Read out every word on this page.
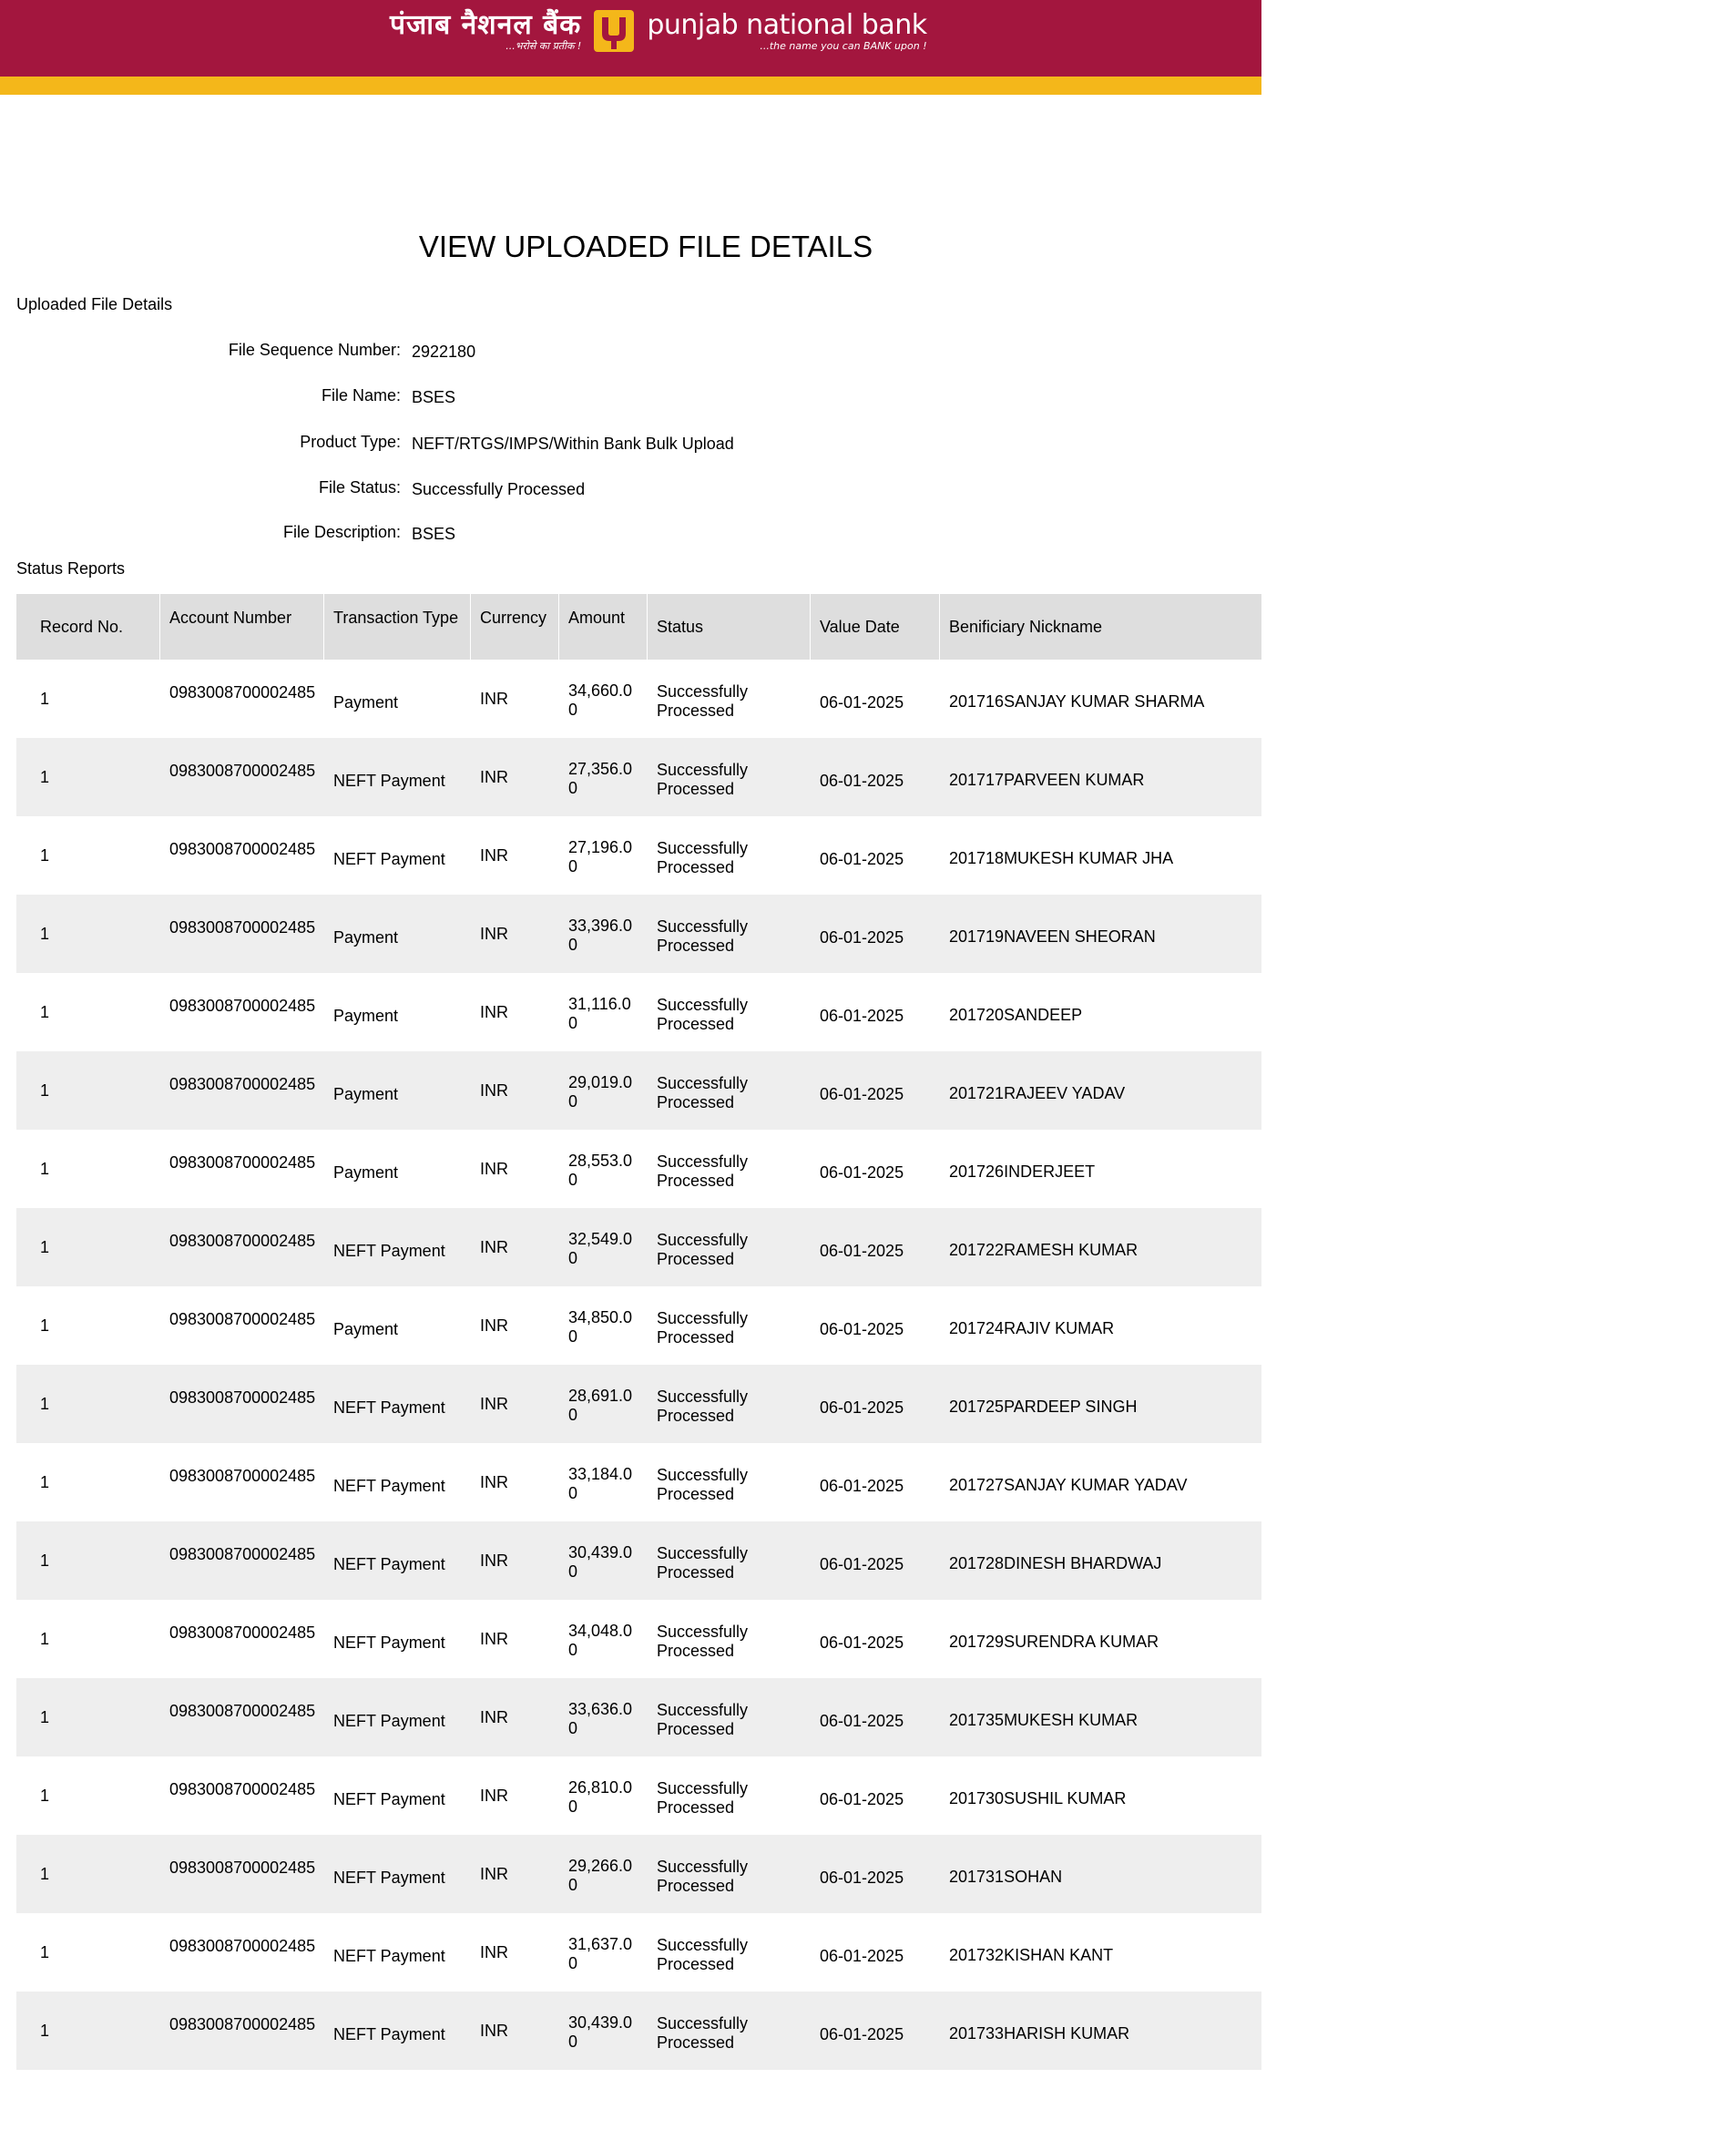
पंजाब नैशनल बैंक
...भरोसे का प्रतीक !
punjab national bank
...the name you can BANK upon !
VIEW UPLOADED FILE DETAILS
Uploaded File Details
File Sequence Number: 2922180
File Name: BSES
Product Type: NEFT/RTGS/IMPS/Within Bank Bulk Upload
File Status: Successfully Processed
File Description: BSES
Status Reports
Record No.	Account Number	Transaction Type	Currency	Amount	Status	Value Date	Benificiary Nickname
1	0983008700002485	Payment	INR	34,660.00	Successfully Processed	06-01-2025	201716SANJAY KUMAR SHARMA
1	0983008700002485	NEFT Payment	INR	27,356.00	Successfully Processed	06-01-2025	201717PARVEEN KUMAR
1	0983008700002485	NEFT Payment	INR	27,196.00	Successfully Processed	06-01-2025	201718MUKESH KUMAR JHA
1	0983008700002485	Payment	INR	33,396.00	Successfully Processed	06-01-2025	201719NAVEEN SHEORAN
1	0983008700002485	Payment	INR	31,116.00	Successfully Processed	06-01-2025	201720SANDEEP
1	0983008700002485	Payment	INR	29,019.00	Successfully Processed	06-01-2025	201721RAJEEV YADAV
1	0983008700002485	Payment	INR	28,553.00	Successfully Processed	06-01-2025	201726INDERJEET
1	0983008700002485	NEFT Payment	INR	32,549.00	Successfully Processed	06-01-2025	201722RAMESH KUMAR
1	0983008700002485	Payment	INR	34,850.00	Successfully Processed	06-01-2025	201724RAJIV KUMAR
1	0983008700002485	NEFT Payment	INR	28,691.00	Successfully Processed	06-01-2025	201725PARDEEP SINGH
1	0983008700002485	NEFT Payment	INR	33,184.00	Successfully Processed	06-01-2025	201727SANJAY KUMAR YADAV
1	0983008700002485	NEFT Payment	INR	30,439.00	Successfully Processed	06-01-2025	201728DINESH BHARDWAJ
1	0983008700002485	NEFT Payment	INR	34,048.00	Successfully Processed	06-01-2025	201729SURENDRA KUMAR
1	0983008700002485	NEFT Payment	INR	33,636.00	Successfully Processed	06-01-2025	201735MUKESH KUMAR
1	0983008700002485	NEFT Payment	INR	26,810.00	Successfully Processed	06-01-2025	201730SUSHIL KUMAR
1	0983008700002485	NEFT Payment	INR	29,266.00	Successfully Processed	06-01-2025	201731SOHAN
1	0983008700002485	NEFT Payment	INR	31,637.00	Successfully Processed	06-01-2025	201732KISHAN KANT
1	0983008700002485	NEFT Payment	INR	30,439.00	Successfully Processed	06-01-2025	201733HARISH KUMAR
